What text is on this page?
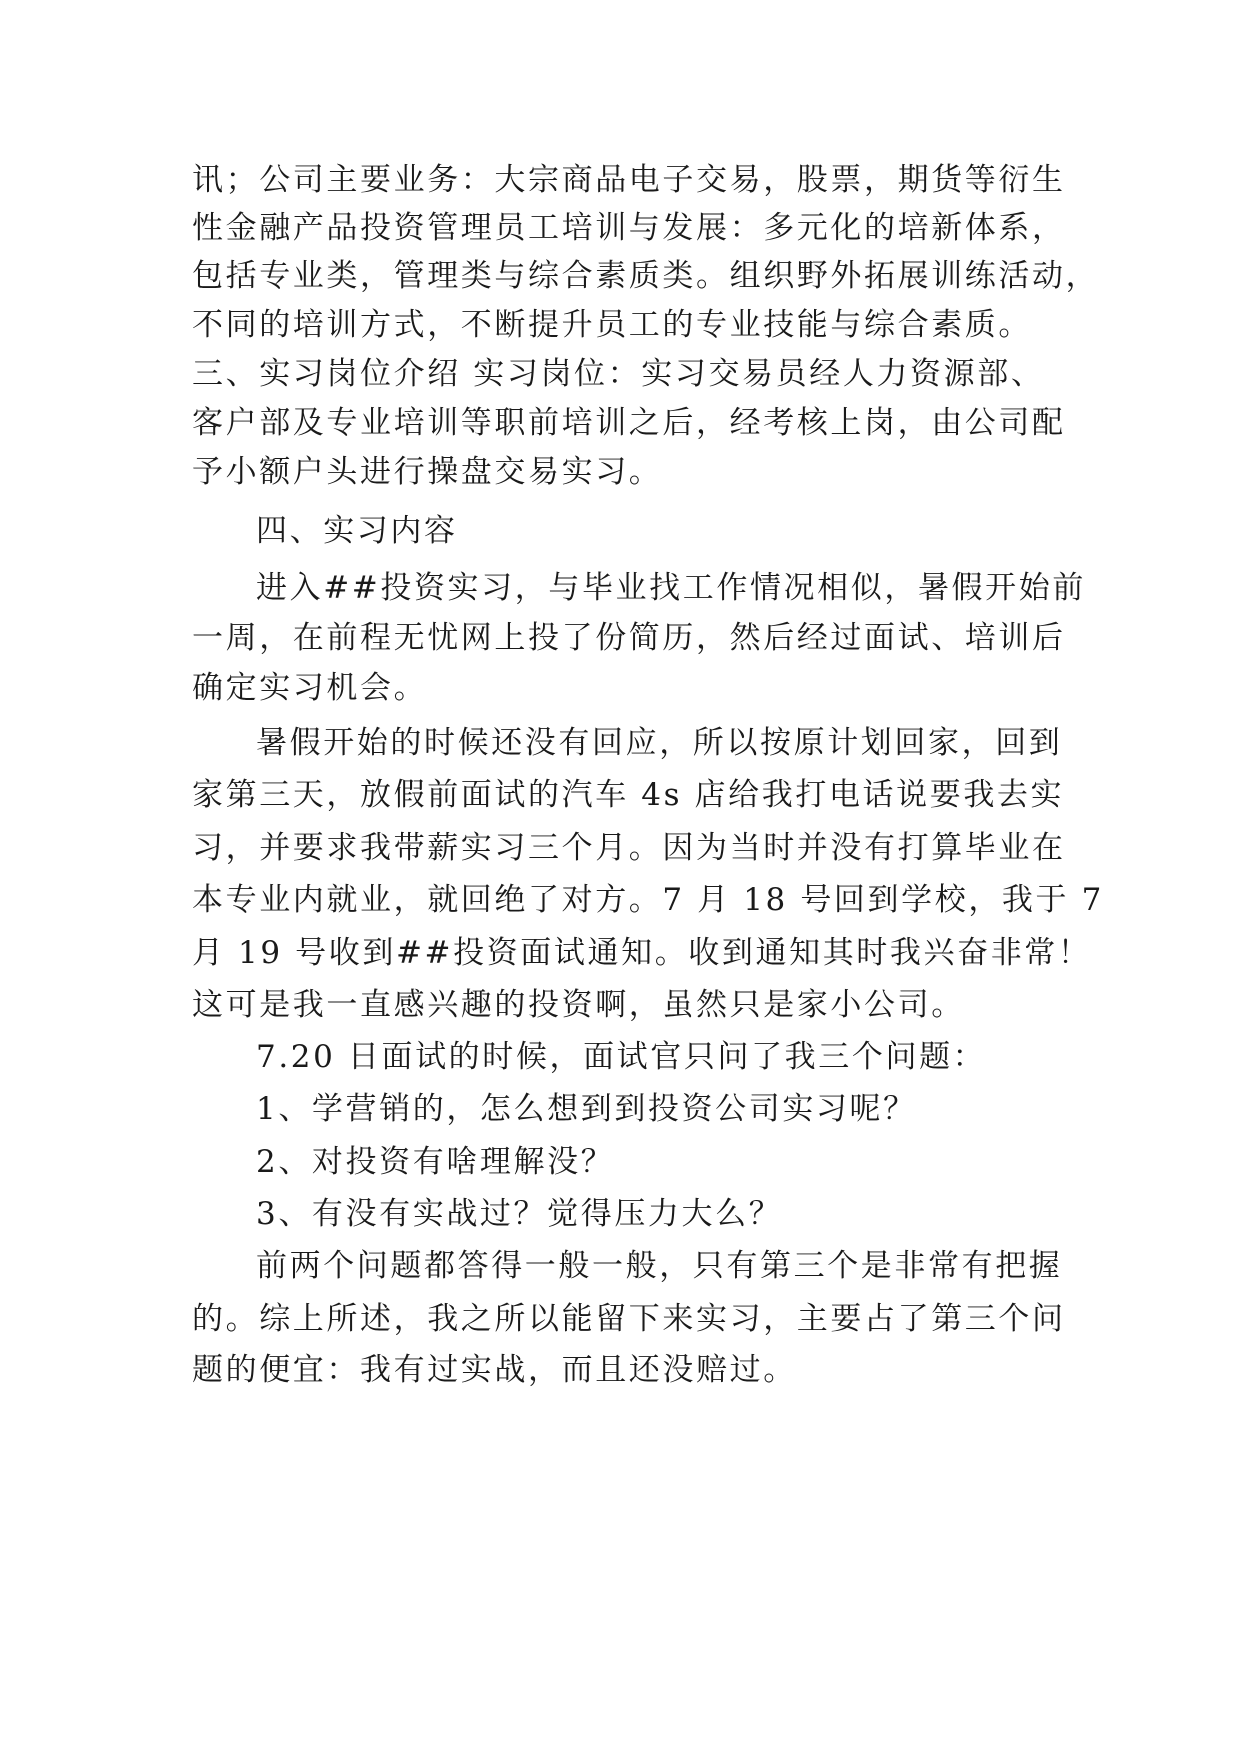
讯；公司主要业务：大宗商品电子交易，股票，期货等衍生
性金融产品投资管理员工培训与发展：多元化的培新体系，
包括专业类，管理类与综合素质类。组织野外拓展训练活动，
不同的培训方式，不断提升员工的专业技能与综合素质。
三、实习岗位介绍 实习岗位：实习交易员经人力资源部、
客户部及专业培训等职前培训之后，经考核上岗，由公司配
予小额户头进行操盘交易实习。
四、实习内容
进入##投资实习，与毕业找工作情况相似，暑假开始前
一周，在前程无忧网上投了份简历，然后经过面试、培训后
确定实习机会。
暑假开始的时候还没有回应，所以按原计划回家，回到
家第三天，放假前面试的汽车 4s 店给我打电话说要我去实
习，并要求我带薪实习三个月。因为当时并没有打算毕业在
本专业内就业，就回绝了对方。7 月 18 号回到学校，我于 7
月 19 号收到##投资面试通知。收到通知其时我兴奋非常！
这可是我一直感兴趣的投资啊，虽然只是家小公司。
7.20 日面试的时候，面试官只问了我三个问题：
1、学营销的，怎么想到到投资公司实习呢？
2、对投资有啥理解没？
3、有没有实战过？觉得压力大么？
前两个问题都答得一般一般，只有第三个是非常有把握
的。综上所述，我之所以能留下来实习，主要占了第三个问
题的便宜：我有过实战，而且还没赔过。
